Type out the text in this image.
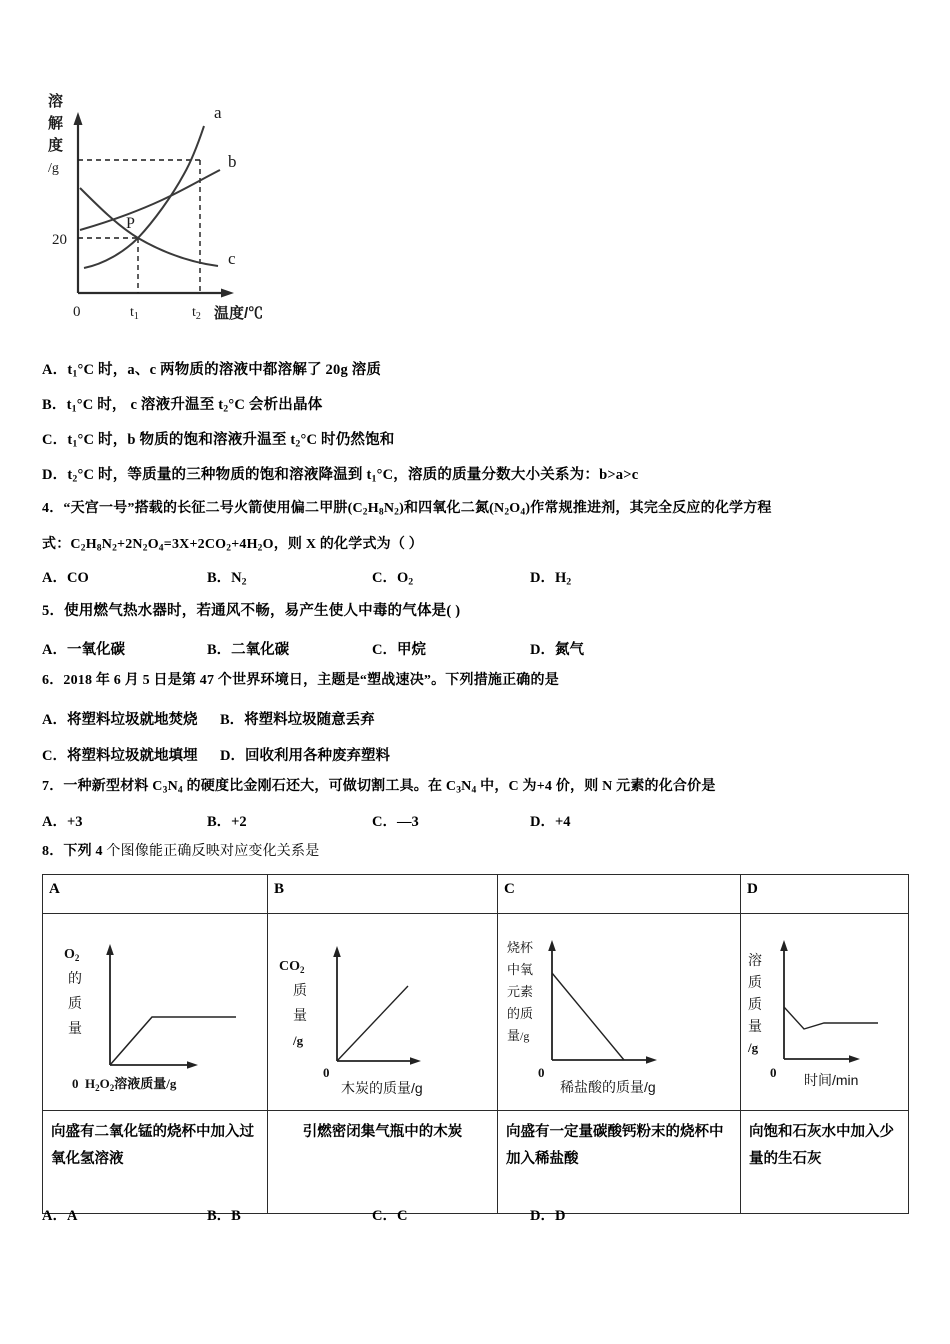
a
b
c
P
溶
解
度
/g
20
0	$t_1$	$t_2$ 温度/℃
A．$t_1^\circ C$ 时，a、c 两物质的溶液中都溶解了 20g 溶质
B．$t_1^\circ C$ 时， c 溶液升温至 $t_2^\circ C$ 会析出晶体
C．$t_1^\circ C$ 时，b 物质的饱和溶液升温至 $t_2^\circ C$ 时仍然饱和
D．$t_2^\circ C$ 时，等质量的三种物质的饱和溶液降温到 $t_1^\circ C$，溶质的质量分数大小关系为：b>a>c
4．“天宫一号”搭载的长征二号火箭使用偏二甲肼$(C_2H_8N_2)$和四氧化二氮$(N_2O_4)$作常规推进剂，其完全反应的化学方程
式：$C_2H_8N_2+2N_2O_4=3X+2CO_2+4H_2O$，则 X 的化学式为（ ）
A．CO	B．$N_2$	C．$O_2$	D．$H_2$
5．使用燃气热水器时，若通风不畅，易产生使人中毒的气体是( )
A．一氧化碳	B．二氧化碳	C．甲烷	D．氮气
6．2018 年 6 月 5 日是第 47 个世界环境日，主题是“塑战速决”。下列措施正确的是
A．将塑料垃圾就地焚烧 B．将塑料垃圾随意丢弃
C．将塑料垃圾就地填埋 D．回收利用各种废弃塑料
7．一种新型材料 $C_3N_4$ 的硬度比金刚石还大，可做切割工具。在 $C_3N_4$ 中，C 为+4 价，则 N 元素的化合价是
A．+3	B．+2	C．—3	D．+4
8．下列 4 个图像能正确反映对应变化关系是
A	B	C	D

$O_2$
的
质
量
0  $H_2O_2$溶液质量/g

$CO_2$
质
量
/g
0
木炭的质量/g

烧杯
中氧
元素
的质
量/g
0
稀盐酸的质量/g

溶
质
质
量
/g
0 时间/min

向盛有二氧化锰的烧杯中加入过氧化氢溶液	引燃密闭集气瓶中的木炭	向盛有一定量碳酸钙粉末的烧杯中加入稀盐酸	向饱和石灰水中加入少量的生石灰
A．A	B．B	C．C	D．D
